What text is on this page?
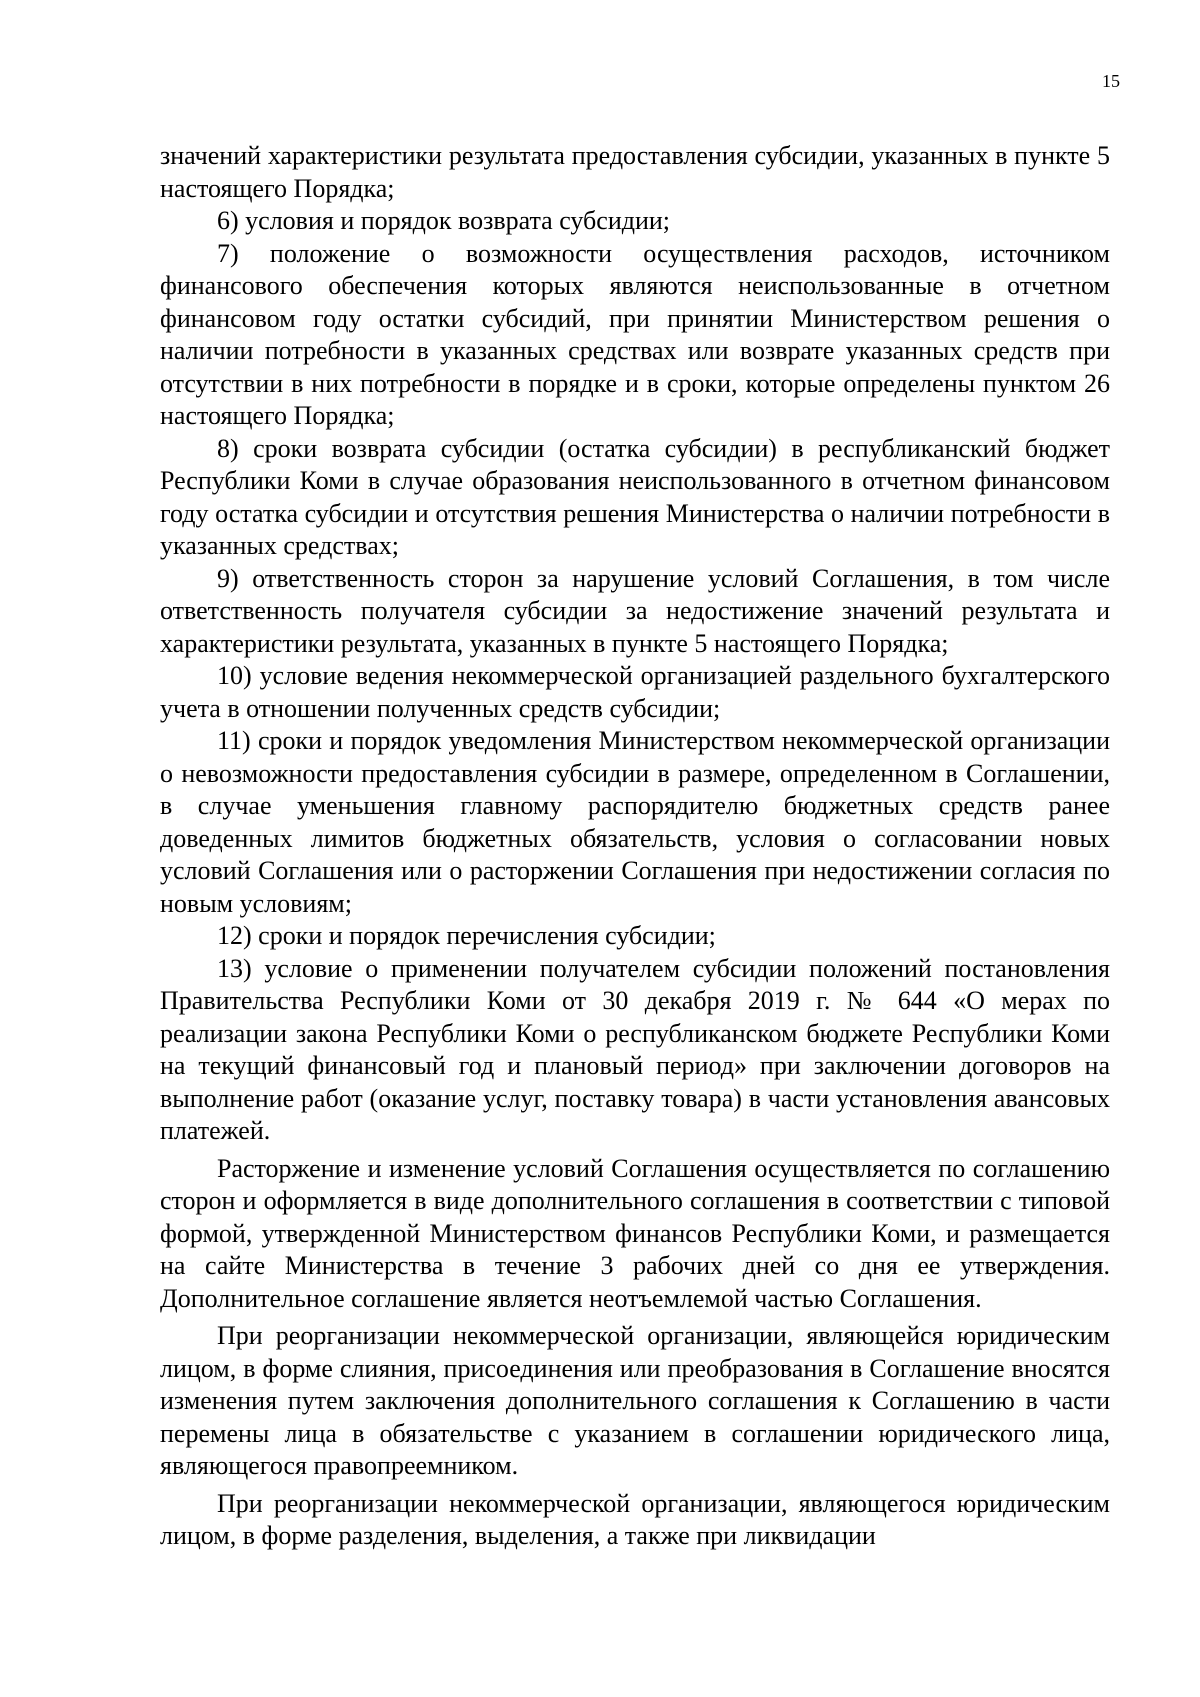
15

значений характеристики результата предоставления субсидии, указанных в пункте 5 настоящего Порядка;

6) условия и порядок возврата субсидии;

7) положение о возможности осуществления расходов, источником финансового обеспечения которых являются неиспользованные в отчетном финансовом году остатки субсидий, при принятии Министерством решения о наличии потребности в указанных средствах или возврате указанных средств при отсутствии в них потребности в порядке и в сроки, которые определены пунктом 26 настоящего Порядка;

8) сроки возврата субсидии (остатка субсидии) в республиканский бюджет Республики Коми в случае образования неиспользованного в отчетном финансовом году остатка субсидии и отсутствия решения Министерства о наличии потребности в указанных средствах;

9) ответственность сторон за нарушение условий Соглашения, в том числе ответственность получателя субсидии за недостижение значений результата и характеристики результата, указанных в пункте 5 настоящего Порядка;

10) условие ведения некоммерческой организацией раздельного бухгалтерского учета в отношении полученных средств субсидии;

11) сроки и порядок уведомления Министерством некоммерческой организации о невозможности предоставления субсидии в размере, определенном в Соглашении, в случае уменьшения главному распорядителю бюджетных средств ранее доведенных лимитов бюджетных обязательств, условия о согласовании новых условий Соглашения или о расторжении Соглашения при недостижении согласия по новым условиям;

12) сроки и порядок перечисления субсидии;

13) условие о применении получателем субсидии положений постановления Правительства Республики Коми от 30 декабря 2019 г. № 644 «О мерах по реализации закона Республики Коми о республиканском бюджете Республики Коми на текущий финансовый год и плановый период» при заключении договоров на выполнение работ (оказание услуг, поставку товара) в части установления авансовых платежей.

Расторжение и изменение условий Соглашения осуществляется по соглашению сторон и оформляется в виде дополнительного соглашения в соответствии с типовой формой, утвержденной Министерством финансов Республики Коми, и размещается на сайте Министерства в течение 3 рабочих дней со дня ее утверждения. Дополнительное соглашение является неотъемлемой частью Соглашения.

При реорганизации некоммерческой организации, являющейся юридическим лицом, в форме слияния, присоединения или преобразования в Соглашение вносятся изменения путем заключения дополнительного соглашения к Соглашению в части перемены лица в обязательстве с указанием в соглашении юридического лица, являющегося правопреемником.

При реорганизации некоммерческой организации, являющегося юридическим лицом, в форме разделения, выделения, а также при ликвидации
